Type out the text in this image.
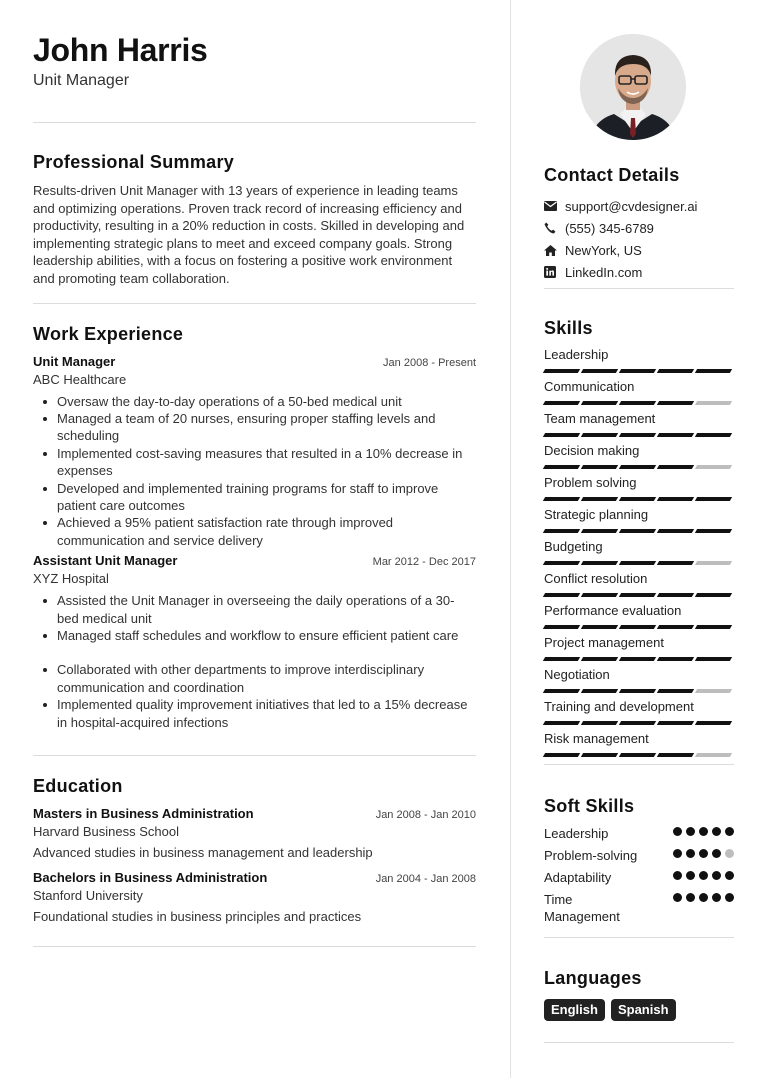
John Harris
Unit Manager
Professional Summary
Results-driven Unit Manager with 13 years of experience in leading teams and optimizing operations. Proven track record of increasing efficiency and productivity, resulting in a 20% reduction in costs. Skilled in developing and implementing strategic plans to meet and exceed company goals. Strong leadership abilities, with a focus on fostering a positive work environment and promoting team collaboration.
Work Experience
Unit Manager	Jan 2008 - Present
ABC Healthcare
Oversaw the day-to-day operations of a 50-bed medical unit
Managed a team of 20 nurses, ensuring proper staffing levels and scheduling
Implemented cost-saving measures that resulted in a 10% decrease in expenses
Developed and implemented training programs for staff to improve patient care outcomes
Achieved a 95% patient satisfaction rate through improved communication and service delivery
Assistant Unit Manager	Mar 2012 - Dec 2017
XYZ Hospital
Assisted the Unit Manager in overseeing the daily operations of a 30-bed medical unit
Managed staff schedules and workflow to ensure efficient patient care
Collaborated with other departments to improve interdisciplinary communication and coordination
Implemented quality improvement initiatives that led to a 15% decrease in hospital-acquired infections
Education
Masters in Business Administration	Jan 2008 - Jan 2010
Harvard Business School
Advanced studies in business management and leadership
Bachelors in Business Administration	Jan 2004 - Jan 2008
Stanford University
Foundational studies in business principles and practices
Contact Details
support@cvdesigner.ai
(555) 345-6789
NewYork, US
LinkedIn.com
Skills
Leadership
Communication
Team management
Decision making
Problem solving
Strategic planning
Budgeting
Conflict resolution
Performance evaluation
Project management
Negotiation
Training and development
Risk management
Soft Skills
Leadership
Problem-solving
Adaptability
Time Management
Languages
English	Spanish
